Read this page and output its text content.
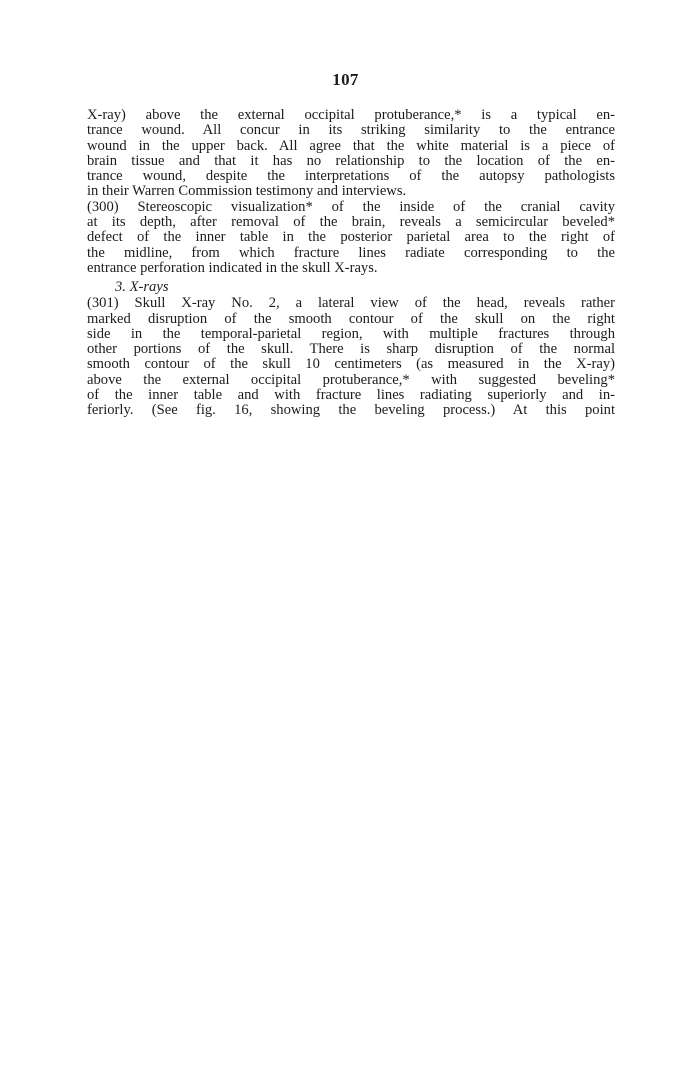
107
X-ray) above the external occipital protuberance,* is a typical en-
trance wound. All concur in its striking similarity to the entrance
wound in the upper back. All agree that the white material is a piece of
brain tissue and that it has no relationship to the location of the en-
trance wound, despite the interpretations of the autopsy pathologists
in their Warren Commission testimony and interviews.
(300) Stereoscopic visualization* of the inside of the cranial cavity
at its depth, after removal of the brain, reveals a semicircular beveled*
defect of the inner table in the posterior parietal area to the right of
the midline, from which fracture lines radiate corresponding to the
entrance perforation indicated in the skull X-rays.
3. X-rays
(301) Skull X-ray No. 2, a lateral view of the head, reveals rather
marked disruption of the smooth contour of the skull on the right
side in the temporal-parietal region, with multiple fractures through
other portions of the skull. There is sharp disruption of the normal
smooth contour of the skull 10 centimeters (as measured in the X-ray)
above the external occipital protuberance,* with suggested beveling*
of the inner table and with fracture lines radiating superiorly and in-
feriorly. (See fig. 16, showing the beveling process.) At this point
